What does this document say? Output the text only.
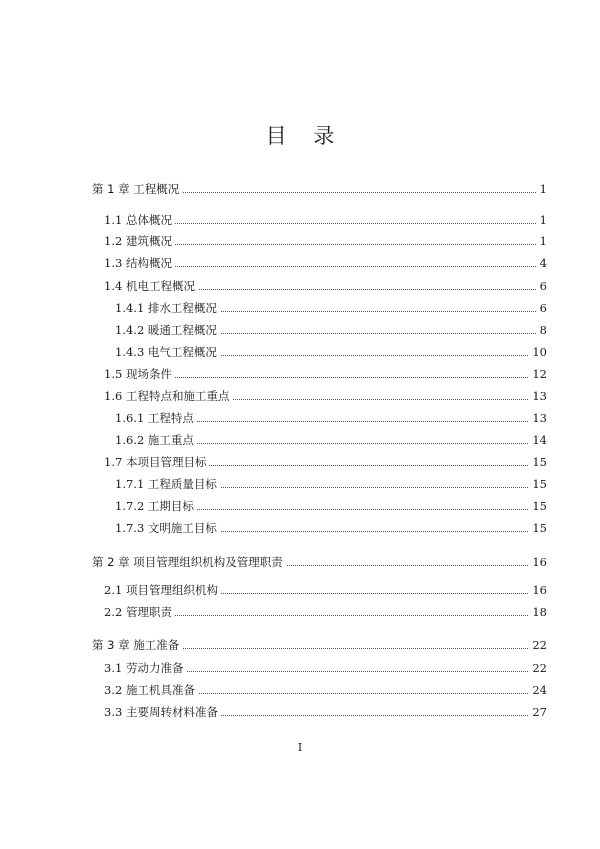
目 录
第 1 章 工程概况	1
1.1 总体概况	1
1.2 建筑概况	1
1.3 结构概况	4
1.4 机电工程概况	6
1.4.1 排水工程概况	6
1.4.2 暖通工程概况	8
1.4.3 电气工程概况	10
1.5 现场条件	12
1.6 工程特点和施工重点	13
1.6.1 工程特点	13
1.6.2 施工重点	14
1.7 本项目管理目标	15
1.7.1 工程质量目标	15
1.7.2 工期目标	15
1.7.3 文明施工目标	15
第 2 章 项目管理组织机构及管理职责	16
2.1 项目管理组织机构	16
2.2 管理职责	18
第 3 章 施工准备	22
3.1 劳动力准备	22
3.2 施工机具准备	24
3.3 主要周转材料准备	27
I
